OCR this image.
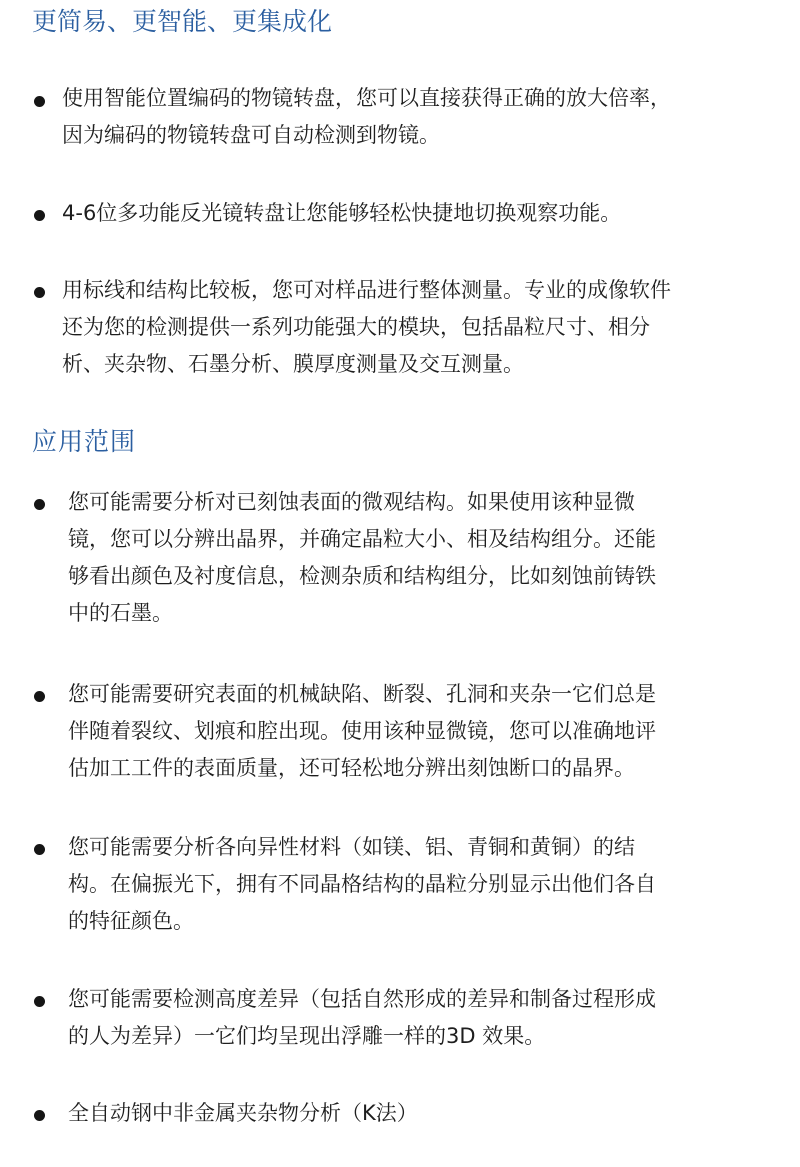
更简易、更智能、更集成化

使用智能位置编码的物镜转盘，您可以直接获得正确的放大倍率，
因为编码的物镜转盘可自动检测到物镜。

4-6位多功能反光镜转盘让您能够轻松快捷地切换观察功能。

用标线和结构比较板，您可对样品进行整体测量。专业的成像软件
还为您的检测提供一系列功能强大的模块，包括晶粒尺寸、相分
析、夹杂物、石墨分析、膜厚度测量及交互测量。

应用范围

您可能需要分析对已刻蚀表面的微观结构。如果使用该种显微
镜，您可以分辨出晶界，并确定晶粒大小、相及结构组分。还能
够看出颜色及衬度信息，检测杂质和结构组分，比如刻蚀前铸铁
中的石墨。

您可能需要研究表面的机械缺陷、断裂、孔洞和夹杂一它们总是
伴随着裂纹、划痕和腔出现。使用该种显微镜，您可以准确地评
估加工工件的表面质量，还可轻松地分辨出刻蚀断口的晶界。

您可能需要分析各向异性材料（如镁、铝、青铜和黄铜）的结
构。在偏振光下，拥有不同晶格结构的晶粒分别显示出他们各自
的特征颜色。

您可能需要检测高度差异（包括自然形成的差异和制备过程形成
的人为差异）一它们均呈现出浮雕一样的3D 效果。

全自动钢中非金属夹杂物分析（K法）
